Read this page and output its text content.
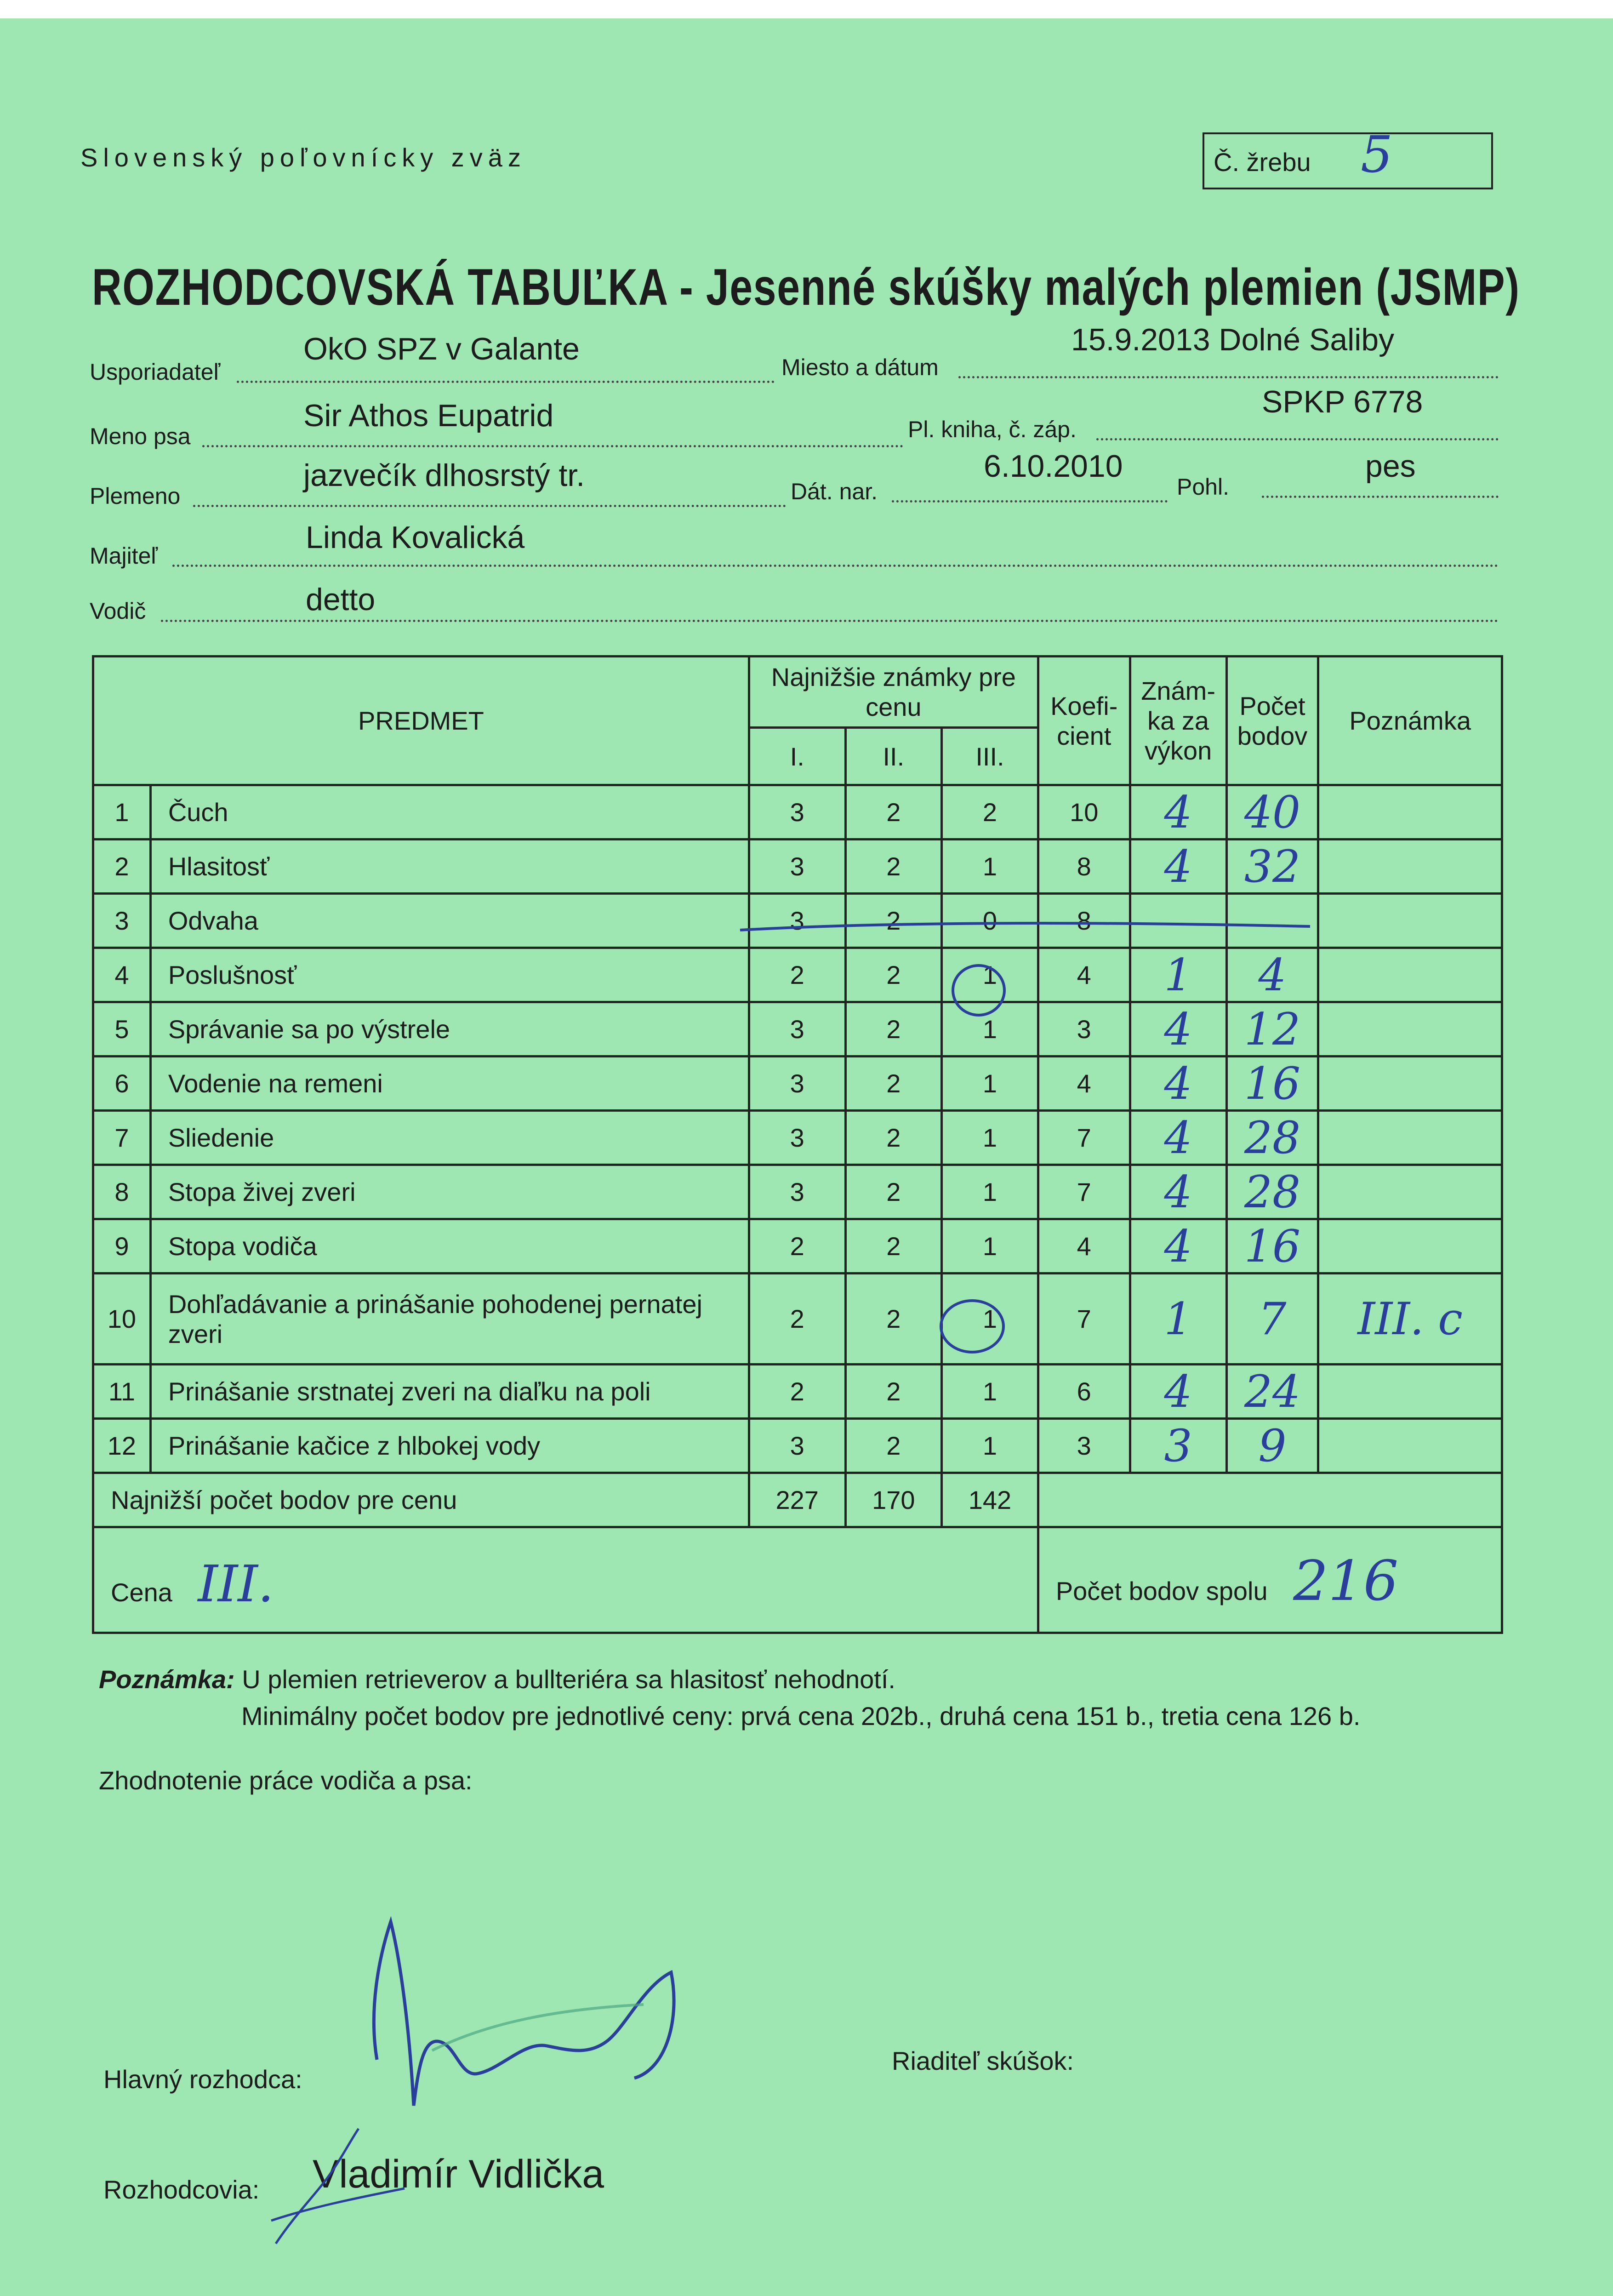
Slovenský poľovnícky zväz	Č. žrebu 5
ROZHODCOVSKÁ TABUĽKA - Jesenné skúšky malých plemien (JSMP)
Usporiadateľ
OkO SPZ v Galante
Miesto a dátum
15.9.2013 Dolné Saliby
Meno psa
Sir Athos Eupatrid	Pl. kniha, č. záp.
SPKP 6778
Plemeno
jazvečík dlhosrstý tr.	Dát. nar.
6.10.2010
Pohl.
pes
Majiteľ
Linda Kovalická
Vodič	detto
PREDMET		Najnižšie známky pre cenu			Koefi- cient	Znám- ka za výkon	Počet bodov	Poznámka
		I.	II.	III.				
1	Čuch	3	2	2	10	4	40	
2	Hlasitosť	3	2	1	8	4	32	
3	Odvaha	3	2	0	8			
4	Poslušnosť	2	2	1	4	1	4	
5	Správanie sa po výstrele	3	2	1	3	4	12	
6	Vodenie na remeni	3	2	1	4	4	16	
7	Sliedenie	3	2	1	7	4	28	
8	Stopa živej zveri	3	2	1	7	4	28	
9	Stopa vodiča	2	2	1	4	4	16	
10	Dohľadávanie a prinášanie pohodenej pernatej zveri	2	2	1	7	1	7	III. c
11	Prinášanie srstnatej zveri na diaľku na poli	2	2	1	6	4	24	
12	Prinášanie kačice z hlbokej vody	3	2	1	3	3	9	
Najnižší počet bodov pre cenu		227	170	142				
Cena III.					Počet bodov spolu 216			
Poznámka: U plemien retrieverov a bullteriéra sa hlasitosť nehodnotí.
Minimálny počet bodov pre jednotlivé ceny: prvá cena 202b., druhá cena 151 b., tretia cena 126 b.
Zhodnotenie práce vodiča a psa:
Hlavný rozhodca:
Riaditeľ skúšok:
Rozhodcovia: Vladimír Vidlička
